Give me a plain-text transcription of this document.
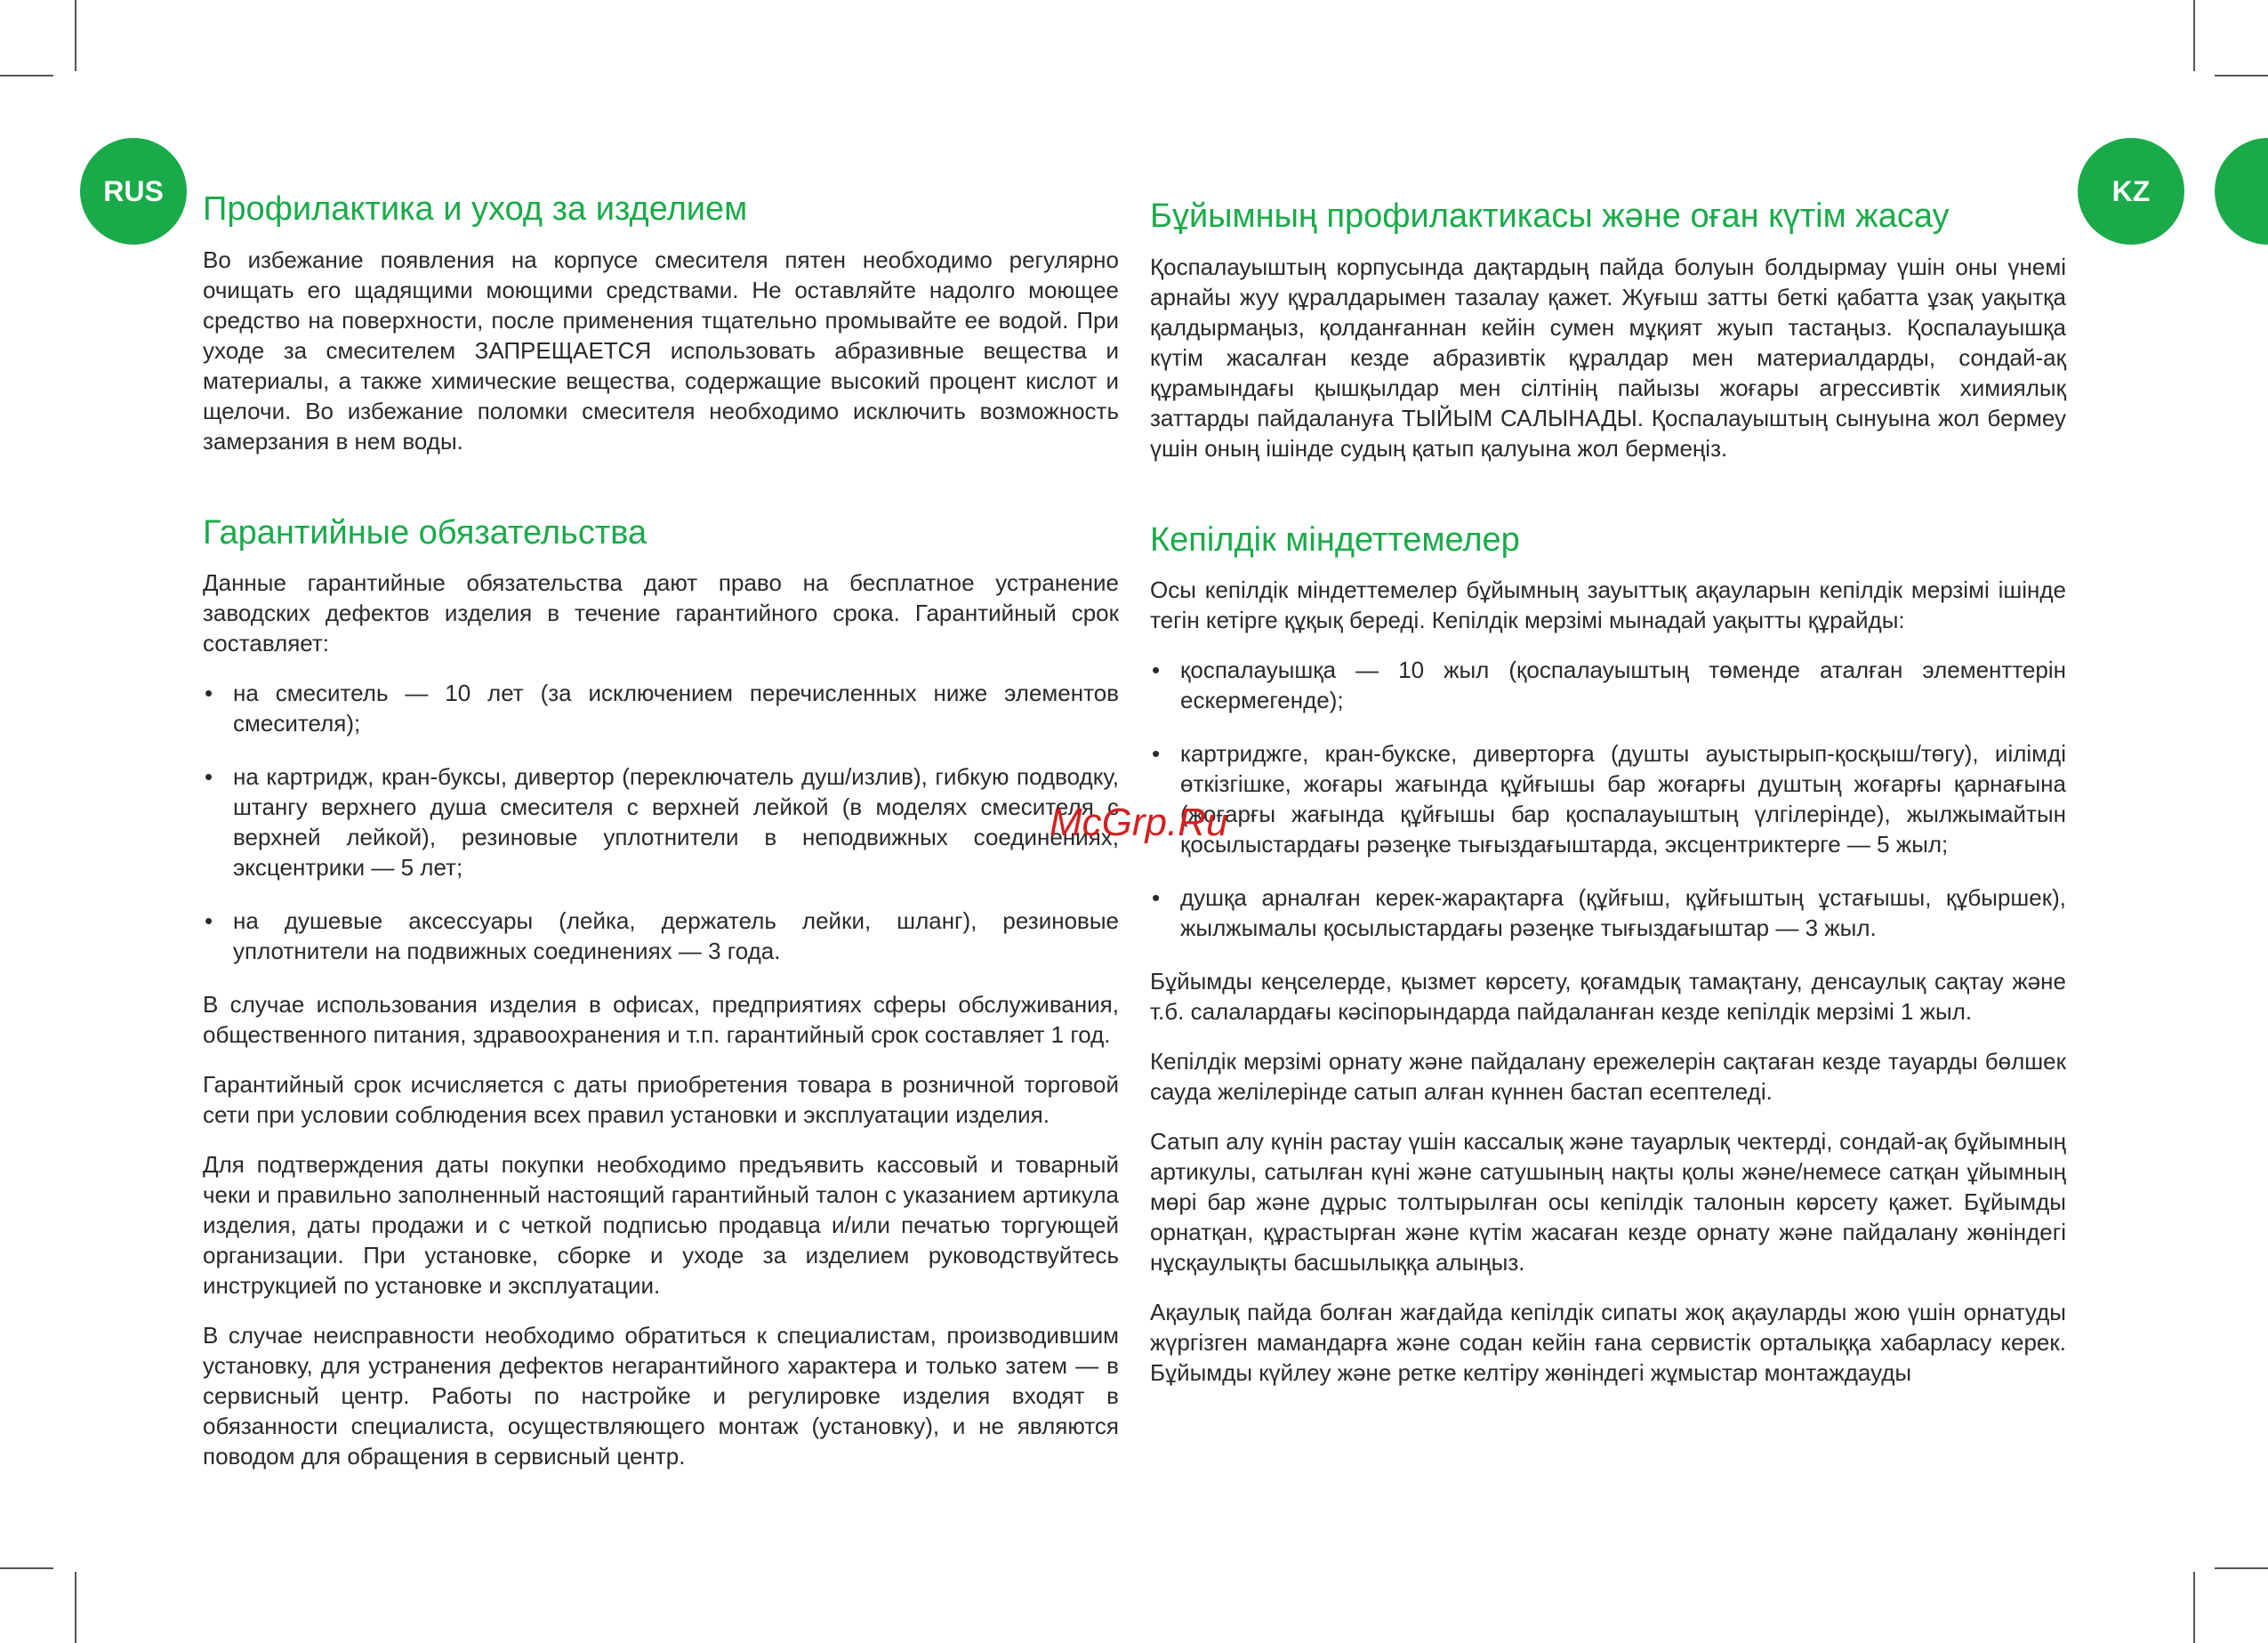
RUS	KZ
Профилактика и уход за изделием

Во избежание появления на корпусе смесителя пятен необходимо регулярно очищать его щадящими моющими средствами. Не оставляйте надолго моющее средство на поверхности, после применения тщательно промывайте ее водой. При уходе за смесителем ЗАПРЕЩАЕТСЯ использовать абразивные вещества и материалы, а также химические вещества, содержащие высокий процент кислот и щелочи. Во избежание поломки смесителя необходимо исключить возможность замерзания в нем воды.

Гарантийные обязательства

Данные гарантийные обязательства дают право на бесплатное устранение заводских дефектов изделия в течение гарантийного срока. Гарантийный срок составляет:

• на смеситель — 10 лет (за исключением перечисленных ниже элементов смесителя);
• на картридж, кран-буксы, дивертор (переключатель душ/излив), гибкую подводку, штангу верхнего душа смесителя с верхней лейкой (в моделях смесителя с верхней лейкой), резиновые уплотнители в неподвижных соединениях, эксцентрики — 5 лет;
• на душевые аксессуары (лейка, держатель лейки, шланг), резиновые уплотнители на подвижных соединениях — 3 года.

В случае использования изделия в офисах, предприятиях сферы обслуживания, общественного питания, здравоохранения и т.п. гарантийный срок составляет 1 год.

Гарантийный срок исчисляется с даты приобретения товара в розничной торговой сети при условии соблюдения всех правил установки и эксплуатации изделия.

Для подтверждения даты покупки необходимо предъявить кассовый и товарный чеки и правильно заполненный настоящий гарантийный талон с указанием артикула изделия, даты продажи и с четкой подписью продавца и/или печатью торгующей организации. При установке, сборке и уходе за изделием руководствуйтесь инструкцией по установке и эксплуатации.

В случае неисправности необходимо обратиться к специалистам, производившим установку, для устранения дефектов негарантийного характера и только затем — в сервисный центр. Работы по настройке и регулировке изделия входят в обязанности специалиста, осуществляющего монтаж (установку), и не являются поводом для обращения в сервисный центр.

Бұйымның профилактикасы және оған күтім жасау

Қоспалауыштың корпусында дақтардың пайда болуын болдырмау үшін оны үнемі арнайы жуу құралдарымен тазалау қажет. Жуғыш затты беткі қабатта ұзақ уақытқа қалдырмаңыз, қолданғаннан кейін сумен мұқият жуып тастаңыз. Қоспалауышқа күтім жасалған кезде абразивтік құралдар мен материалдарды, сондай-ақ құрамындағы қышқылдар мен сілтінің пайызы жоғары агрессивтік химиялық заттарды пайдалануға ТЫЙЫМ САЛЫНАДЫ. Қоспалауыштың сынуына жол бермеу үшін оның ішінде судың қатып қалуына жол бермеңіз.

Кепілдік міндеттемелер

Осы кепілдік міндеттемелер бұйымның зауыттық ақауларын кепілдік мерзімі ішінде тегін кетірге құқық береді. Кепілдік мерзімі мынадай уақытты құрайды:

• қоспалауышқа — 10 жыл (қоспалауыштың төменде аталған элементтерін ескермегенде);
• картриджге, кран-букске, диверторға (душты ауыстырып-қосқыш/төгу), иілімді өткізгішке, жоғары жағында құйғышы бар жоғарғы душтың жоғарғы қарнағына (жоғарғы жағында құйғышы бар қоспалауыштың үлгілерінде), жылжымайтын қосылыстардағы рәзеңке тығыздағыштарда, эксцентриктерге — 5 жыл;
• душқа арналған керек-жарақтарға (құйғыш, құйғыштың ұстағышы, құбыршек), жылжымалы қосылыстардағы рәзеңке тығыздағыштар — 3 жыл.

Бұйымды кеңселерде, қызмет көрсету, қоғамдық тамақтану, денсаулық сақтау және т.б. салалардағы кәсіпорындарда пайдаланған кезде кепілдік мерзімі 1 жыл.

Кепілдік мерзімі орнату және пайдалану ережелерін сақтаған кезде тауарды бөлшек сауда желілерінде сатып алған күннен бастап есептеледі.

Сатып алу күнін растау үшін кассалық және тауарлық чектерді, сондай-ақ бұйымның артикулы, сатылған күні және сатушының нақты қолы және/немесе сатқан ұйымның мөрі бар және дұрыс толтырылған осы кепілдік талонын көрсету қажет. Бұйымды орнатқан, құрастырған және күтім жасаған кезде орнату және пайдалану жөніндегі нұсқаулықты басшылыққа алыңыз.

Ақаулық пайда болған жағдайда кепілдік сипаты жоқ ақауларды жою үшін орнатуды жүргізген мамандарға және содан кейін ғана сервистік орталыққа хабарласу керек. Бұйымды күйлеу және ретке келтіру жөніндегі жұмыстар монтаждауды

McGrp.Ru
